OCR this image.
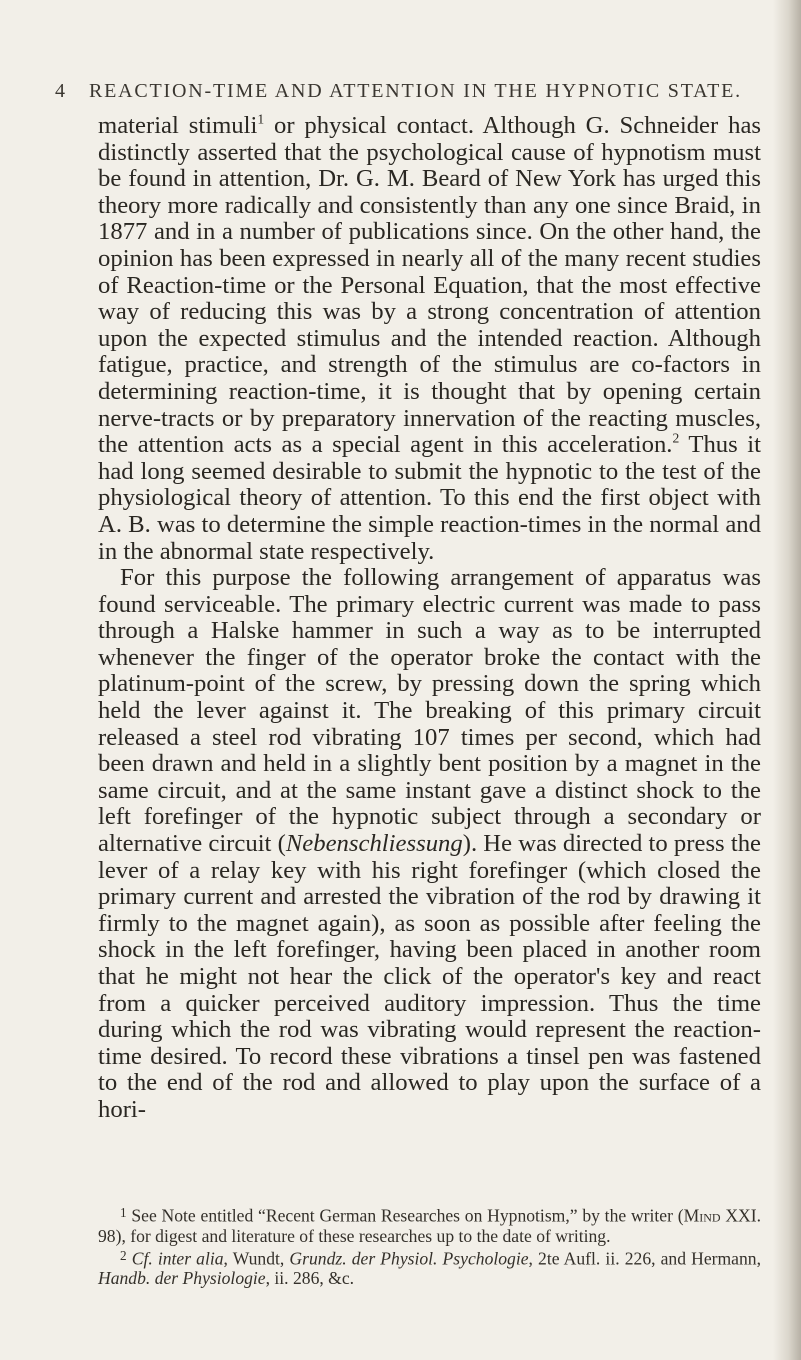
4 REACTION-TIME AND ATTENTION IN THE HYPNOTIC STATE.

material stimuli$^1$ or physical contact. Although G. Schneider has distinctly asserted that the psychological cause of hypnotism must be found in attention, Dr. G. M. Beard of New York has urged this theory more radically and consistently than any one since Braid, in 1877 and in a number of publications since. On the other hand, the opinion has been expressed in nearly all of the many recent studies of Reaction-time or the Personal Equation, that the most effective way of reducing this was by a strong concentration of attention upon the expected stimulus and the intended reaction. Although fatigue, practice, and strength of the stimulus are co-factors in determining reaction-time, it is thought that by opening certain nerve-tracts or by preparatory innervation of the reacting muscles, the attention acts as a special agent in this acceleration.$^2$ Thus it had long seemed desirable to submit the hypnotic to the test of the physiological theory of attention. To this end the first object with A. B. was to determine the simple reaction-times in the normal and in the abnormal state respectively.

For this purpose the following arrangement of apparatus was found serviceable. The primary electric current was made to pass through a Halske hammer in such a way as to be interrupted whenever the finger of the operator broke the contact with the platinum-point of the screw, by pressing down the spring which held the lever against it. The breaking of this primary circuit released a steel rod vibrating 107 times per second, which had been drawn and held in a slightly bent position by a magnet in the same circuit, and at the same instant gave a distinct shock to the left forefinger of the hypnotic subject through a secondary or alternative circuit (Nebenschliessung). He was directed to press the lever of a relay key with his right forefinger (which closed the primary current and arrested the vibration of the rod by drawing it firmly to the magnet again), as soon as possible after feeling the shock in the left forefinger, having been placed in another room that he might not hear the click of the operator's key and react from a quicker perceived auditory impression. Thus the time during which the rod was vibrating would represent the reaction-time desired. To record these vibrations a tinsel pen was fastened to the end of the rod and allowed to play upon the surface of a hori-

$^1$ See Note entitled “Recent German Researches on Hypnotism,” by the writer (Mind XXI. 98), for digest and literature of these researches up to the date of writing.

$^2$ Cf. inter alia, Wundt, Grundz. der Physiol. Psychologie, 2te Aufl. ii. 226, and Hermann, Handb. der Physiologie, ii. 286, &c.
